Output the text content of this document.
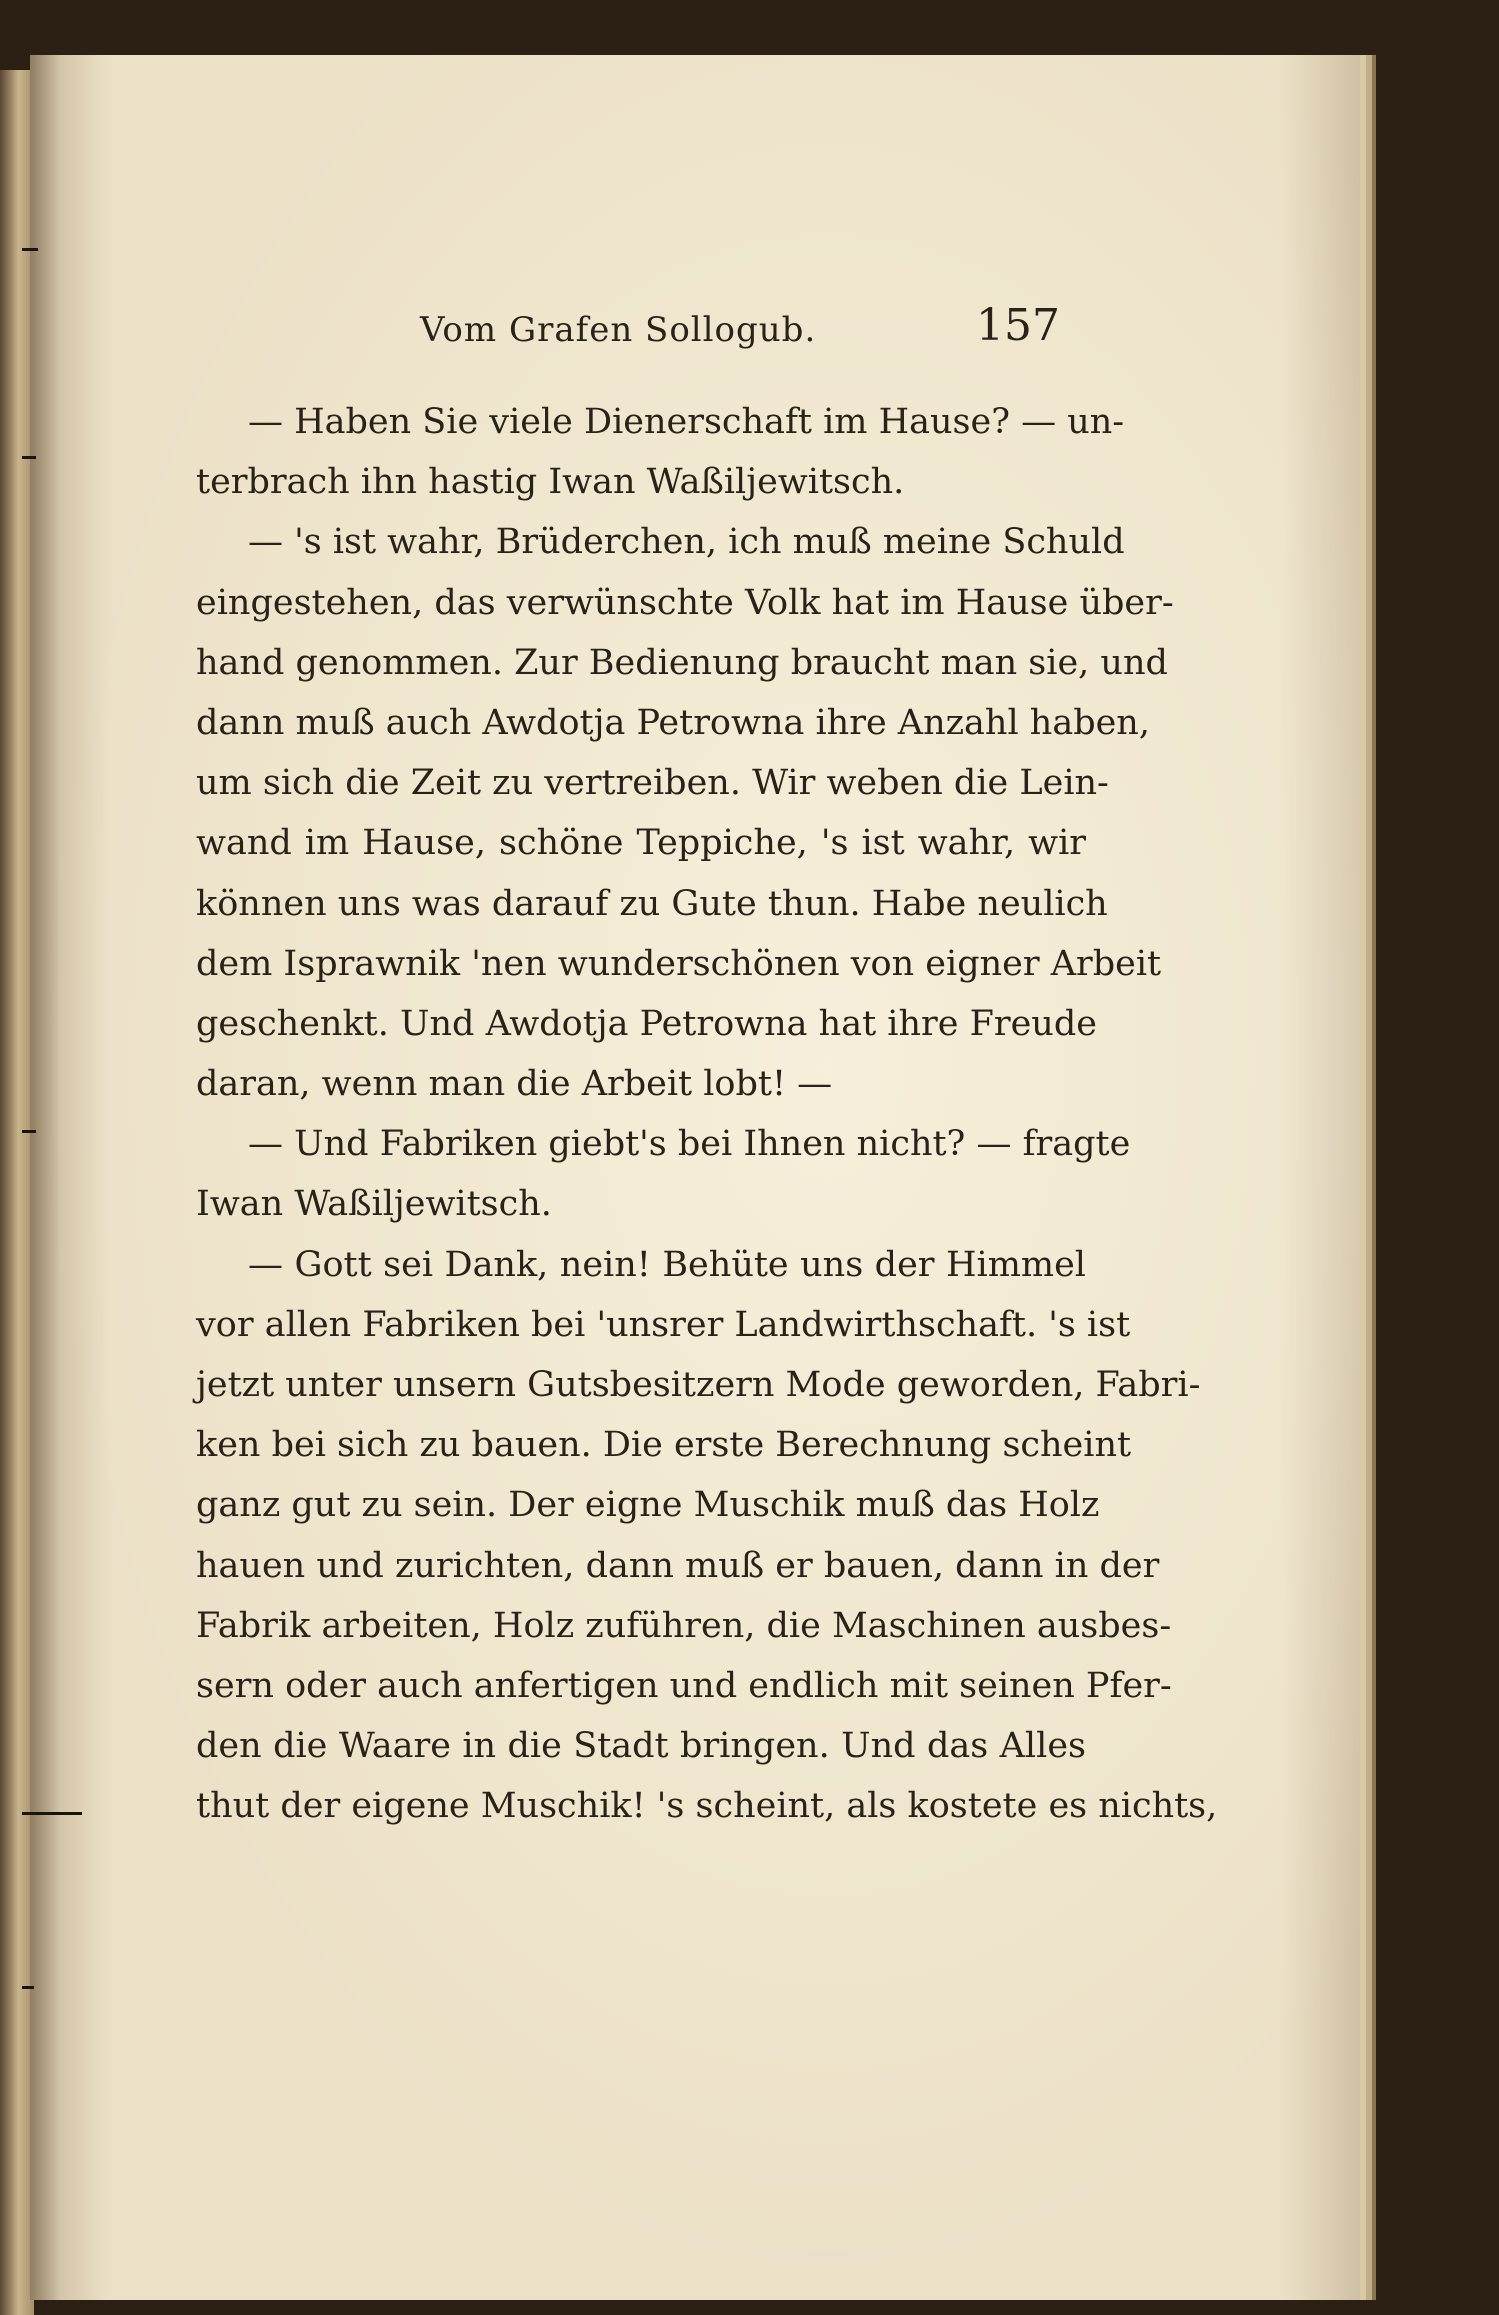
Vom Grafen Sollogub.	157
— Haben Sie viele Dienerschaft im Hause? — un-
terbrach ihn hastig Iwan Waßiljewitsch.
— 's ist wahr, Brüderchen, ich muß meine Schuld
eingestehen, das verwünschte Volk hat im Hause über-
hand genommen. Zur Bedienung braucht man sie, und
dann muß auch Awdotja Petrowna ihre Anzahl haben,
um sich die Zeit zu vertreiben. Wir weben die Lein-
wand im Hause, schöne Teppiche, 's ist wahr, wir
können uns was darauf zu Gute thun. Habe neulich
dem Isprawnik 'nen wunderschönen von eigner Arbeit
geschenkt. Und Awdotja Petrowna hat ihre Freude
daran, wenn man die Arbeit lobt! —
— Und Fabriken giebt's bei Ihnen nicht? — fragte
Iwan Waßiljewitsch.
— Gott sei Dank, nein! Behüte uns der Himmel
vor allen Fabriken bei 'unsrer Landwirthschaft. 's ist
jetzt unter unsern Gutsbesitzern Mode geworden, Fabri-
ken bei sich zu bauen. Die erste Berechnung scheint
ganz gut zu sein. Der eigne Muschik muß das Holz
hauen und zurichten, dann muß er bauen, dann in der
Fabrik arbeiten, Holz zuführen, die Maschinen ausbes-
sern oder auch anfertigen und endlich mit seinen Pfer-
den die Waare in die Stadt bringen. Und das Alles
thut der eigene Muschik! 's scheint, als kostete es nichts,
